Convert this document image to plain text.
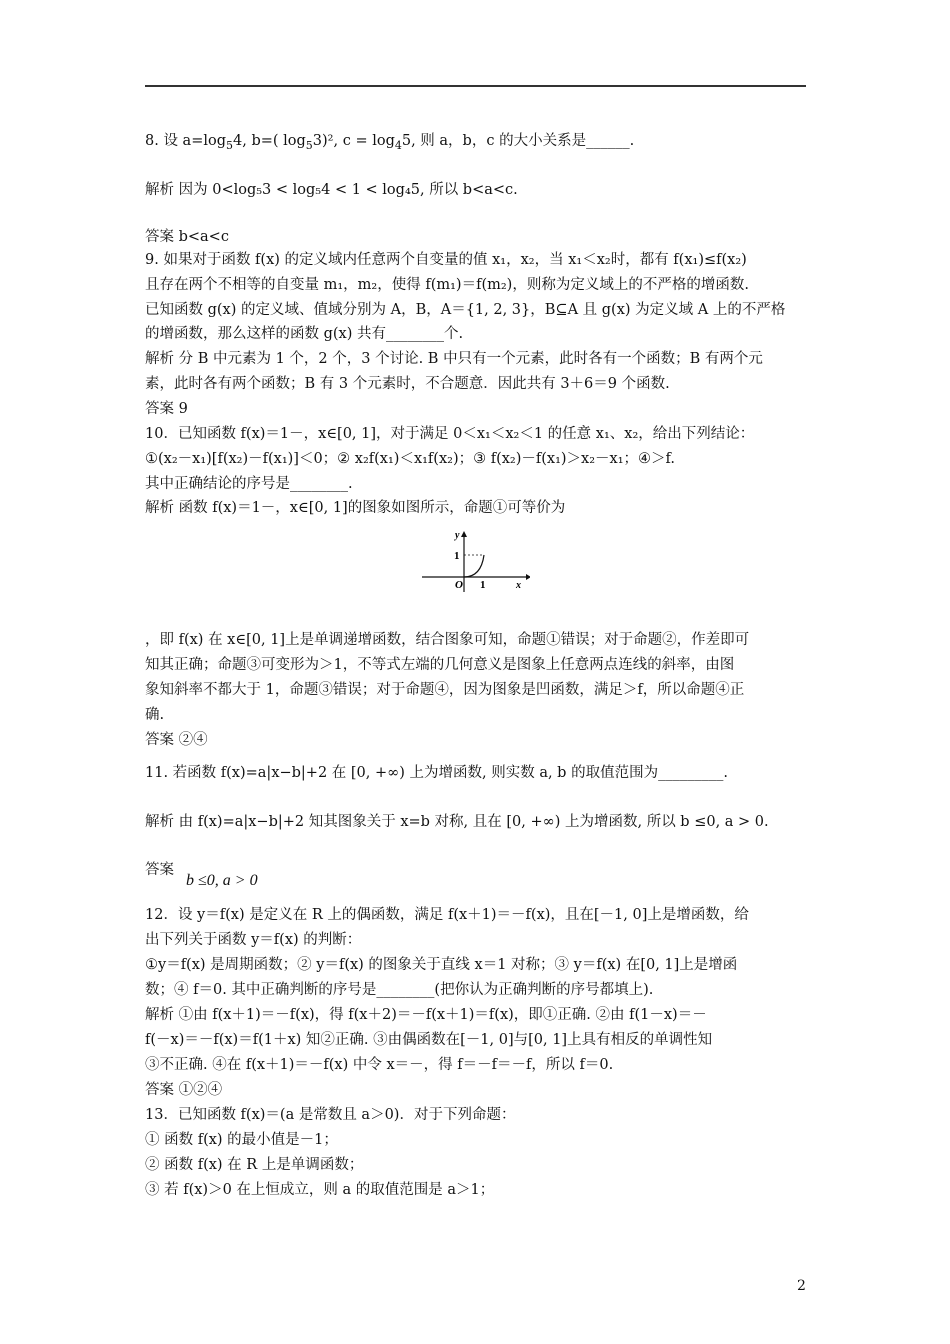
8. 设 $a=\log_54$, b=( $\log_53)^2$, $c = \log_45$, 则 a，b，c 的大小关系是______.
解析 因为 0<log₅3 < log₅4 < 1 < log₄5, 所以 b<a<c.
答案 b<a<c
9. 如果对于函数 f(x) 的定义域内任意两个自变量的值 x₁，x₂，当 x₁＜x₂时，都有 f(x₁)≤f(x₂)
且存在两个不相等的自变量 m₁，m₂，使得 f(m₁)＝f(m₂)，则称为定义域上的不严格的增函数.
已知函数 g(x) 的定义域、值域分别为 A，B，A＝{1, 2, 3}，B⊆A 且 g(x) 为定义域 A 上的不严格
的增函数，那么这样的函数 g(x) 共有________个.
解析 分 B 中元素为 1 个，2 个，3 个讨论. B 中只有一个元素，此时各有一个函数；B 有两个元
素，此时各有两个函数；B 有 3 个元素时，不合题意．因此共有 3＋6＝9 个函数.
答案 9
10．已知函数 f(x)＝1－，x∈[0, 1]，对于满足 0＜x₁＜x₂＜1 的任意 x₁、x₂，给出下列结论：
①(x₂－x₁)[f(x₂)－f(x₁)]＜0；② x₂f(x₁)＜x₁f(x₂)；③ f(x₂)－f(x₁)＞x₂－x₁；④＞f.
其中正确结论的序号是________.
解析 函数 f(x)＝1－，x∈[0, 1]的图象如图所示，命题①可等价为
y
1
O 1	x
，即 f(x) 在 x∈[0, 1]上是单调递增函数，结合图象可知，命题①错误；对于命题②，作差即可
知其正确；命题③可变形为＞1，不等式左端的几何意义是图象上任意两点连线的斜率，由图
象知斜率不都大于 1，命题③错误；对于命题④，因为图象是凹函数，满足＞f，所以命题④正
确.
答案 ②④
11. 若函数 f(x)=a|x−b|+2 在 [0, +∞) 上为增函数, 则实数 a, b 的取值范围为_________.
解析 由 f(x)=a|x−b|+2 知其图象关于 x=b 对称, 且在 [0, +∞) 上为增函数, 所以 b ≤0, a > 0.
答案
b ≤0, a > 0
12．设 y＝f(x) 是定义在 R 上的偶函数，满足 f(x＋1)＝－f(x)，且在[－1, 0]上是增函数，给
出下列关于函数 y＝f(x) 的判断：
①y＝f(x) 是周期函数；② y＝f(x) 的图象关于直线 x＝1 对称；③ y＝f(x) 在[0, 1]上是增函
数；④ f＝0. 其中正确判断的序号是________(把你认为正确判断的序号都填上).
解析 ①由 f(x＋1)＝－f(x)，得 f(x＋2)＝－f(x＋1)＝f(x)，即①正确. ②由 f(1－x)＝－
f(－x)＝－f(x)＝f(1＋x) 知②正确. ③由偶函数在[－1, 0]与[0, 1]上具有相反的单调性知
③不正确. ④在 f(x＋1)＝－f(x) 中令 x＝－，得 f＝－f＝－f，所以 f＝0.
答案 ①②④
13．已知函数 f(x)＝(a 是常数且 a＞0)．对于下列命题：
① 函数 f(x) 的最小值是－1；
② 函数 f(x) 在 R 上是单调函数；
③ 若 f(x)＞0 在上恒成立，则 a 的取值范围是 a＞1；
2
